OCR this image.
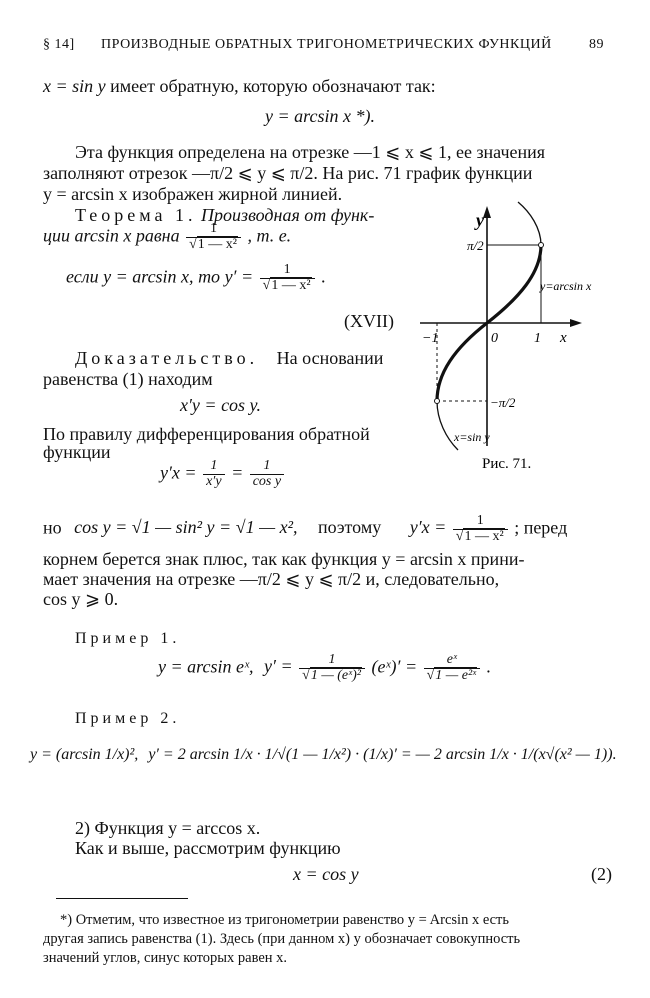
§ 14] ПРОИЗВОДНЫЕ ОБРАТНЫХ ТРИГОНОМЕТРИЧЕСКИХ ФУНКЦИЙ	89
x = sin y имеет обратную, которую обозначают так:
y = arcsin x *).
Эта функция определена на отрезке —1 ⩽ x ⩽ 1, ее значения
заполняют отрезок —π/2 ⩽ y ⩽ π/2. На рис. 71 график функции
y = arcsin x изображен жирной линией.
Теорема 1. Производная от функ-
ции arcsin x равна $\frac{1}{\text{√1 — x²}}$ , т. е.
если y = arcsin x, то $y' = \frac{1}{\text{√1 — x²}}$ .
(XVII)
Доказательство. На основании
равенства (1) находим
x′y = cos y.
По правилу дифференцирования обратной
функции
$y'x = \frac{1}{x'y} = \frac{1}{\text{cos y}}$
но cos y = √1 — sin² y = √1 — x², поэтому $y'x = \frac{1}{\text{√1 — x²}}$ ; перед
корнем берется знак плюс, так как функция y = arcsin x прини-
мает значения на отрезке —π/2 ⩽ y ⩽ π/2 и, следовательно,
cos y ⩾ 0.
Пример 1.
y = arcsin eˣ, $y' = \frac{1}{\text{√1 — (eˣ)²}}$ (eˣ)′ = $\frac{\text{eˣ}}{\text{√1 — e²ˣ}}$ .
Пример 2.
y = (arcsin 1/x)², y′ = 2 arcsin 1/x · 1/√(1 — 1/x²) · (1/x)′ = — 2 arcsin 1/x · 1/(x√(x² — 1)).
2) Функция y = arccos x.
Как и выше, рассмотрим функцию
x = cos y	(2)
*) Отметим, что известное из тригонометрии равенство y = Arcsin x есть
другая запись равенства (1). Здесь (при данном x) y обозначает совокупность
значений углов, синус которых равен x.
y
x
π/2
−π/2
0
−1	1
y=arcsin x
x=sin y
Рис. 71.
